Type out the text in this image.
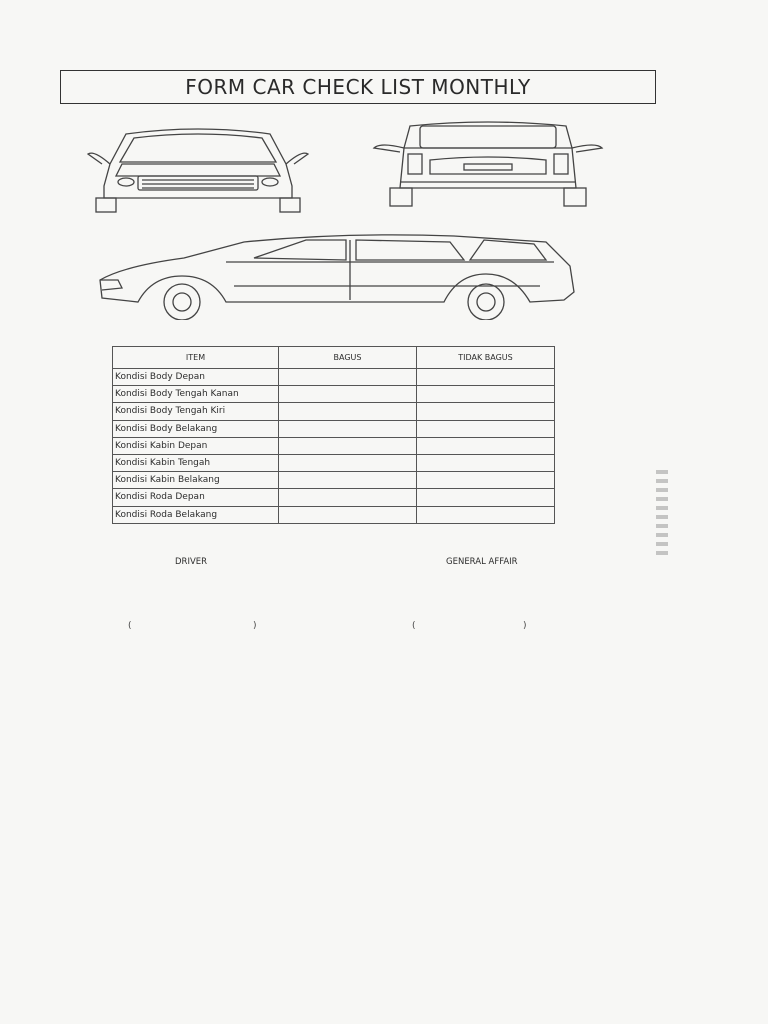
FORM CAR CHECK LIST MONTHLY
ITEM	BAGUS	TIDAK BAGUS
Kondisi Body Depan		
Kondisi Body Tengah Kanan		
Kondisi Body Tengah Kiri		
Kondisi Body Belakang		
Kondisi Kabin Depan		
Kondisi Kabin Tengah		
Kondisi Kabin Belakang		
Kondisi Roda Depan		
Kondisi Roda Belakang		
DRIVER	GENERAL AFFAIR
(	)	(	)
